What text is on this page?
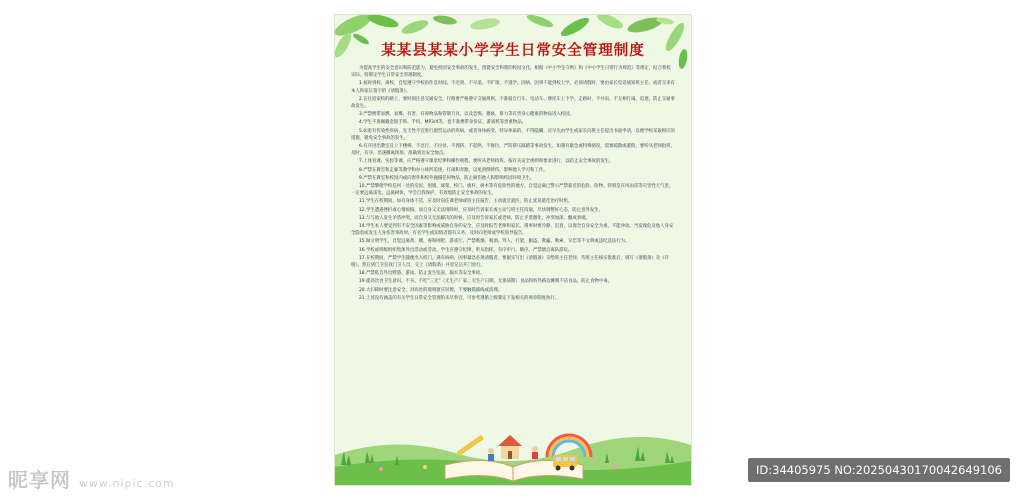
某某县某某小学学生日常安全管理制度

为提高学生的安全意识和防范能力，避免校园安全事故的发生，创建安全和谐的校园文化。根据《中小学生守则》和《中小学生日常行为规范》等规定，结合我校实际，特制定学生日常安全管理制度。

1.按时到校、离校，自觉遵守学校的作息时间。不迟到、不早退、不旷课、不逃学。因病、因事不能到校上学，必须请假时，要由家长电话通知班主任，或者交来有本人和家长签字的《请假条》。

2.在往返家校的路上，要时刻注意交通安全，行路要严格遵守交通规则。不准骑自行车、电动车、摩托车上下学。走路时，不并肩，不互相打闹、追逐，防止交通事故发生。

3.严禁携带易燃、易爆、有害、有毒物品和管制刀具，以及恐怖、猥亵、暴力等有害身心健康的物品进入校园。

4.学生不准佩戴金银手饰、手机、MP3/4等，也不准携带身份证、游戏机等贵重物品。

5.如患有传染性疾病，先天性不宜进行剧烈运动的疾病，或者身体病变、特异体质的，不得隐瞒，应早先由学生或家长向班主任提出书面申请，以便学校采取相应的措施，避免安全事故的发生。

6.有序进出教室及上下楼梯，不急行、不拉扯、不拥挤、不起哄、不推拉，严防挤压踩踏等事故发生。如遇有紧急或特殊情况，需要疏散或避险，要听从老师指挥，及时、有序、迅速撤离现场，准确到达安全地点。

7.上体育课、实验等课，应严格遵守课堂纪律和操作规程，要听从老师指挥，按有关安全规则和要求进行，以防止安全事故的发生。

8.严禁在教室和走廊等教学和办公场所追逐、打闹和奔跑，以免滑倒摔伤、影响他人学习和工作。

9.严禁在教室和校园内或向窗外和校外抛掷任何物品，防止砸伤他人和影响校园环境卫生。

10.严禁攀爬学校任何一处的房屋、围墙、球架、校门、旗杆、树木等有危险性的地方。自觉远离已警示严禁靠近的危险、险物。特别是在风雨雷等灾害性天气里，一定要远离雷电，远离树体，学会自我保护，有效地防止安全事故的发生。

11.学生在校期间，如有身体不适，应及时向任课老师或班主任报告，主动就近就医，防止延误最佳治疗时机。

12.学生遭遇挫折或心情烦恼，而自身又无法排除时，应及时告诉家长或主动与班主任沟通，尽快调整好心态，防止意外发生。

13.与与他人发生矛盾冲突，而自身又无法解决的时候，应及时告诉家长或老师，防止矛盾激化，冲突加深、酿成事端。

14.学生本人要受到有不安全因素等影响或威胁自身的安全，应及时报告老师和家长。遇事时要冷静、沉着，以保全自身安全为重，不能冲动。当发现危及他人身安全隐患或发生人身伤害事故时，有名学生或知情者都有义务，及时向老师或学校领导报告。

15.做文明学生，自觉远离黄、赌、毒和网吧、游戏厅。严禁吸烟、喝酒、骂人、打架、偷盗、欺骗、勒索、早恋等不文明或违纪违法行为。

16.学校或班级组织集体外出活动或劳动，学生应遵守纪律、听从指挥、有序步行、顺序、严禁擅自离队游玩。

17.在校期间，严禁学生随便出入校门。遇有病病、因事紧急必须请假者，要据实写出《请假条》交给班主任老师，待班主任核实批准后，填写《请假条》及《存根》，然后到门卫室找门卫人员，交上《请假条》并登记后开门放行。

18.严禁私自外出野游、游泳，防止发生坠崖、溺水等安全事故。

19.提高饮食卫生意识，不买、不吃“三无”（无生产厂家、无生产日期、无保质期）食品和校外路边摊贩不洁食品，防止食物中毒。

20.大扫除时要注意安全，对高处的玻璃窗应轻擦，不要触摸插线或清理。

21.上述没有涵盖的有关学生日常安全管理的未尽事宜，可参考遵循上级制定下发相关的规章制度执行。

昵享网 www.nipic.com
ID:34405975 NO:20250430170042649106
